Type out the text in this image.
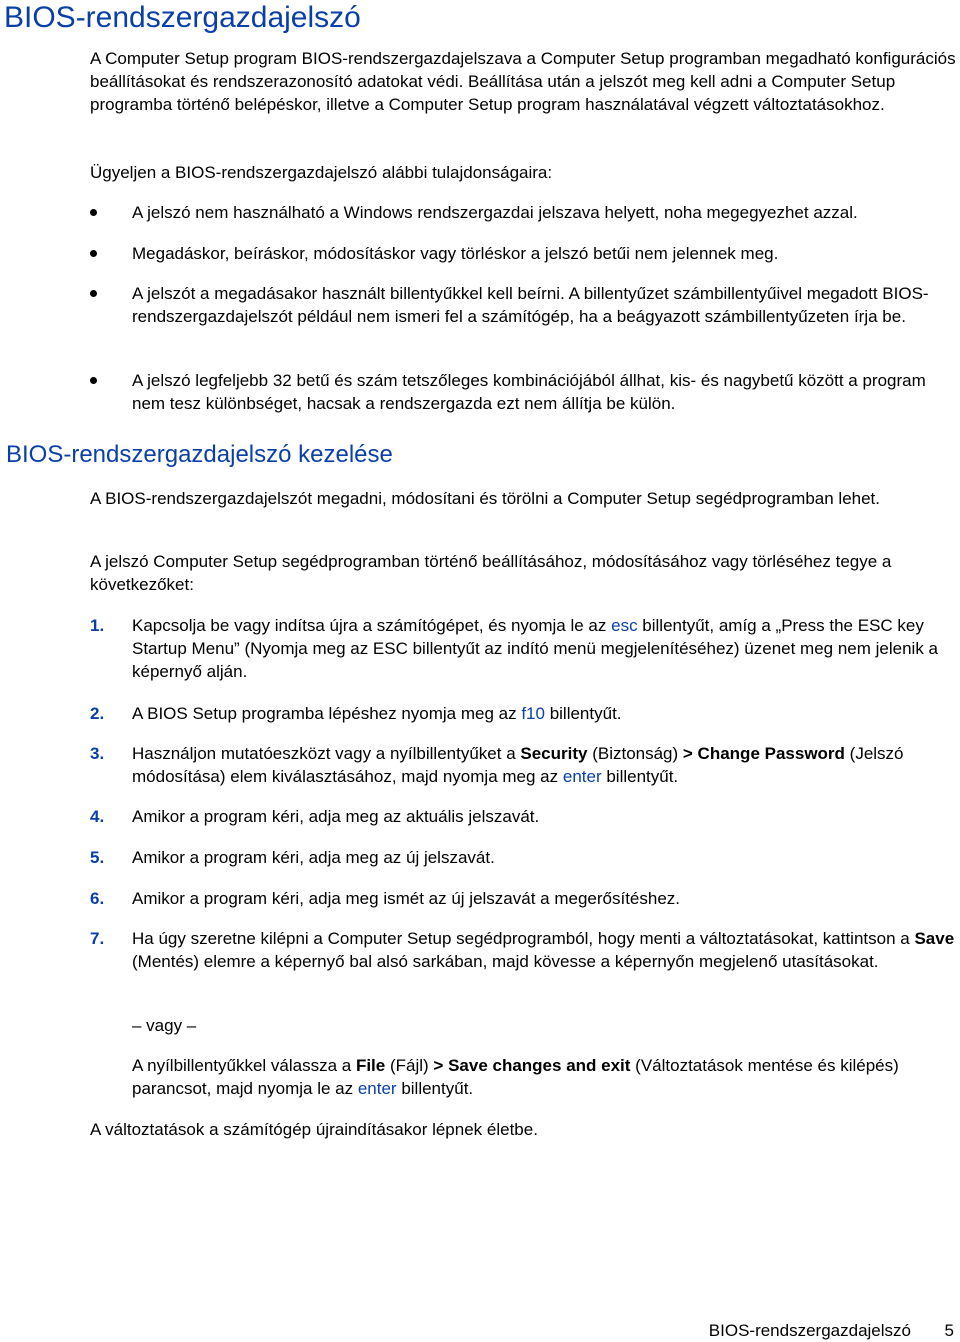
BIOS-rendszergazdajelszó

A Computer Setup program BIOS-rendszergazdajelszava a Computer Setup programban megadható konfigurációs beállításokat és rendszerazonosító adatokat védi. Beállítása után a jelszót meg kell adni a Computer Setup programba történő belépéskor, illetve a Computer Setup program használatával végzett változtatásokhoz.

Ügyeljen a BIOS-rendszergazdajelszó alábbi tulajdonságaira:

A jelszó nem használható a Windows rendszergazdai jelszava helyett, noha megegyezhet azzal.
Megadáskor, beíráskor, módosításkor vagy törléskor a jelszó betűi nem jelennek meg.
A jelszót a megadásakor használt billentyűkkel kell beírni. A billentyűzet számbillentyűivel megadott BIOS-rendszergazdajelszót például nem ismeri fel a számítógép, ha a beágyazott számbillentyűzeten írja be.
A jelszó legfeljebb 32 betű és szám tetszőleges kombinációjából állhat, kis- és nagybetű között a program nem tesz különbséget, hacsak a rendszergazda ezt nem állítja be külön.
BIOS-rendszergazdajelszó kezelése

A BIOS-rendszergazdajelszót megadni, módosítani és törölni a Computer Setup segédprogramban lehet.

A jelszó Computer Setup segédprogramban történő beállításához, módosításához vagy törléséhez tegye a következőket:

1. Kapcsolja be vagy indítsa újra a számítógépet, és nyomja le az esc billentyűt, amíg a „Press the ESC key Startup Menu” (Nyomja meg az ESC billentyűt az indító menü megjelenítéséhez) üzenet meg nem jelenik a képernyő alján.
2. A BIOS Setup programba lépéshez nyomja meg az f10 billentyűt.
3. Használjon mutatóeszközt vagy a nyílbillentyűket a Security (Biztonság) > Change Password (Jelszó módosítása) elem kiválasztásához, majd nyomja meg az enter billentyűt.
4. Amikor a program kéri, adja meg az aktuális jelszavát.
5. Amikor a program kéri, adja meg az új jelszavát.
6. Amikor a program kéri, adja meg ismét az új jelszavát a megerősítéshez.
7. Ha úgy szeretne kilépni a Computer Setup segédprogramból, hogy menti a változtatásokat, kattintson a Save (Mentés) elemre a képernyő bal alsó sarkában, majd kövesse a képernyőn megjelenő utasításokat.
– vagy –
A nyílbillentyűkkel válassza a File (Fájl) > Save changes and exit (Változtatások mentése és kilépés) parancsot, majd nyomja le az enter billentyűt.

A változtatások a számítógép újraindításakor lépnek életbe.

BIOS-rendszergazdajelszó 5
